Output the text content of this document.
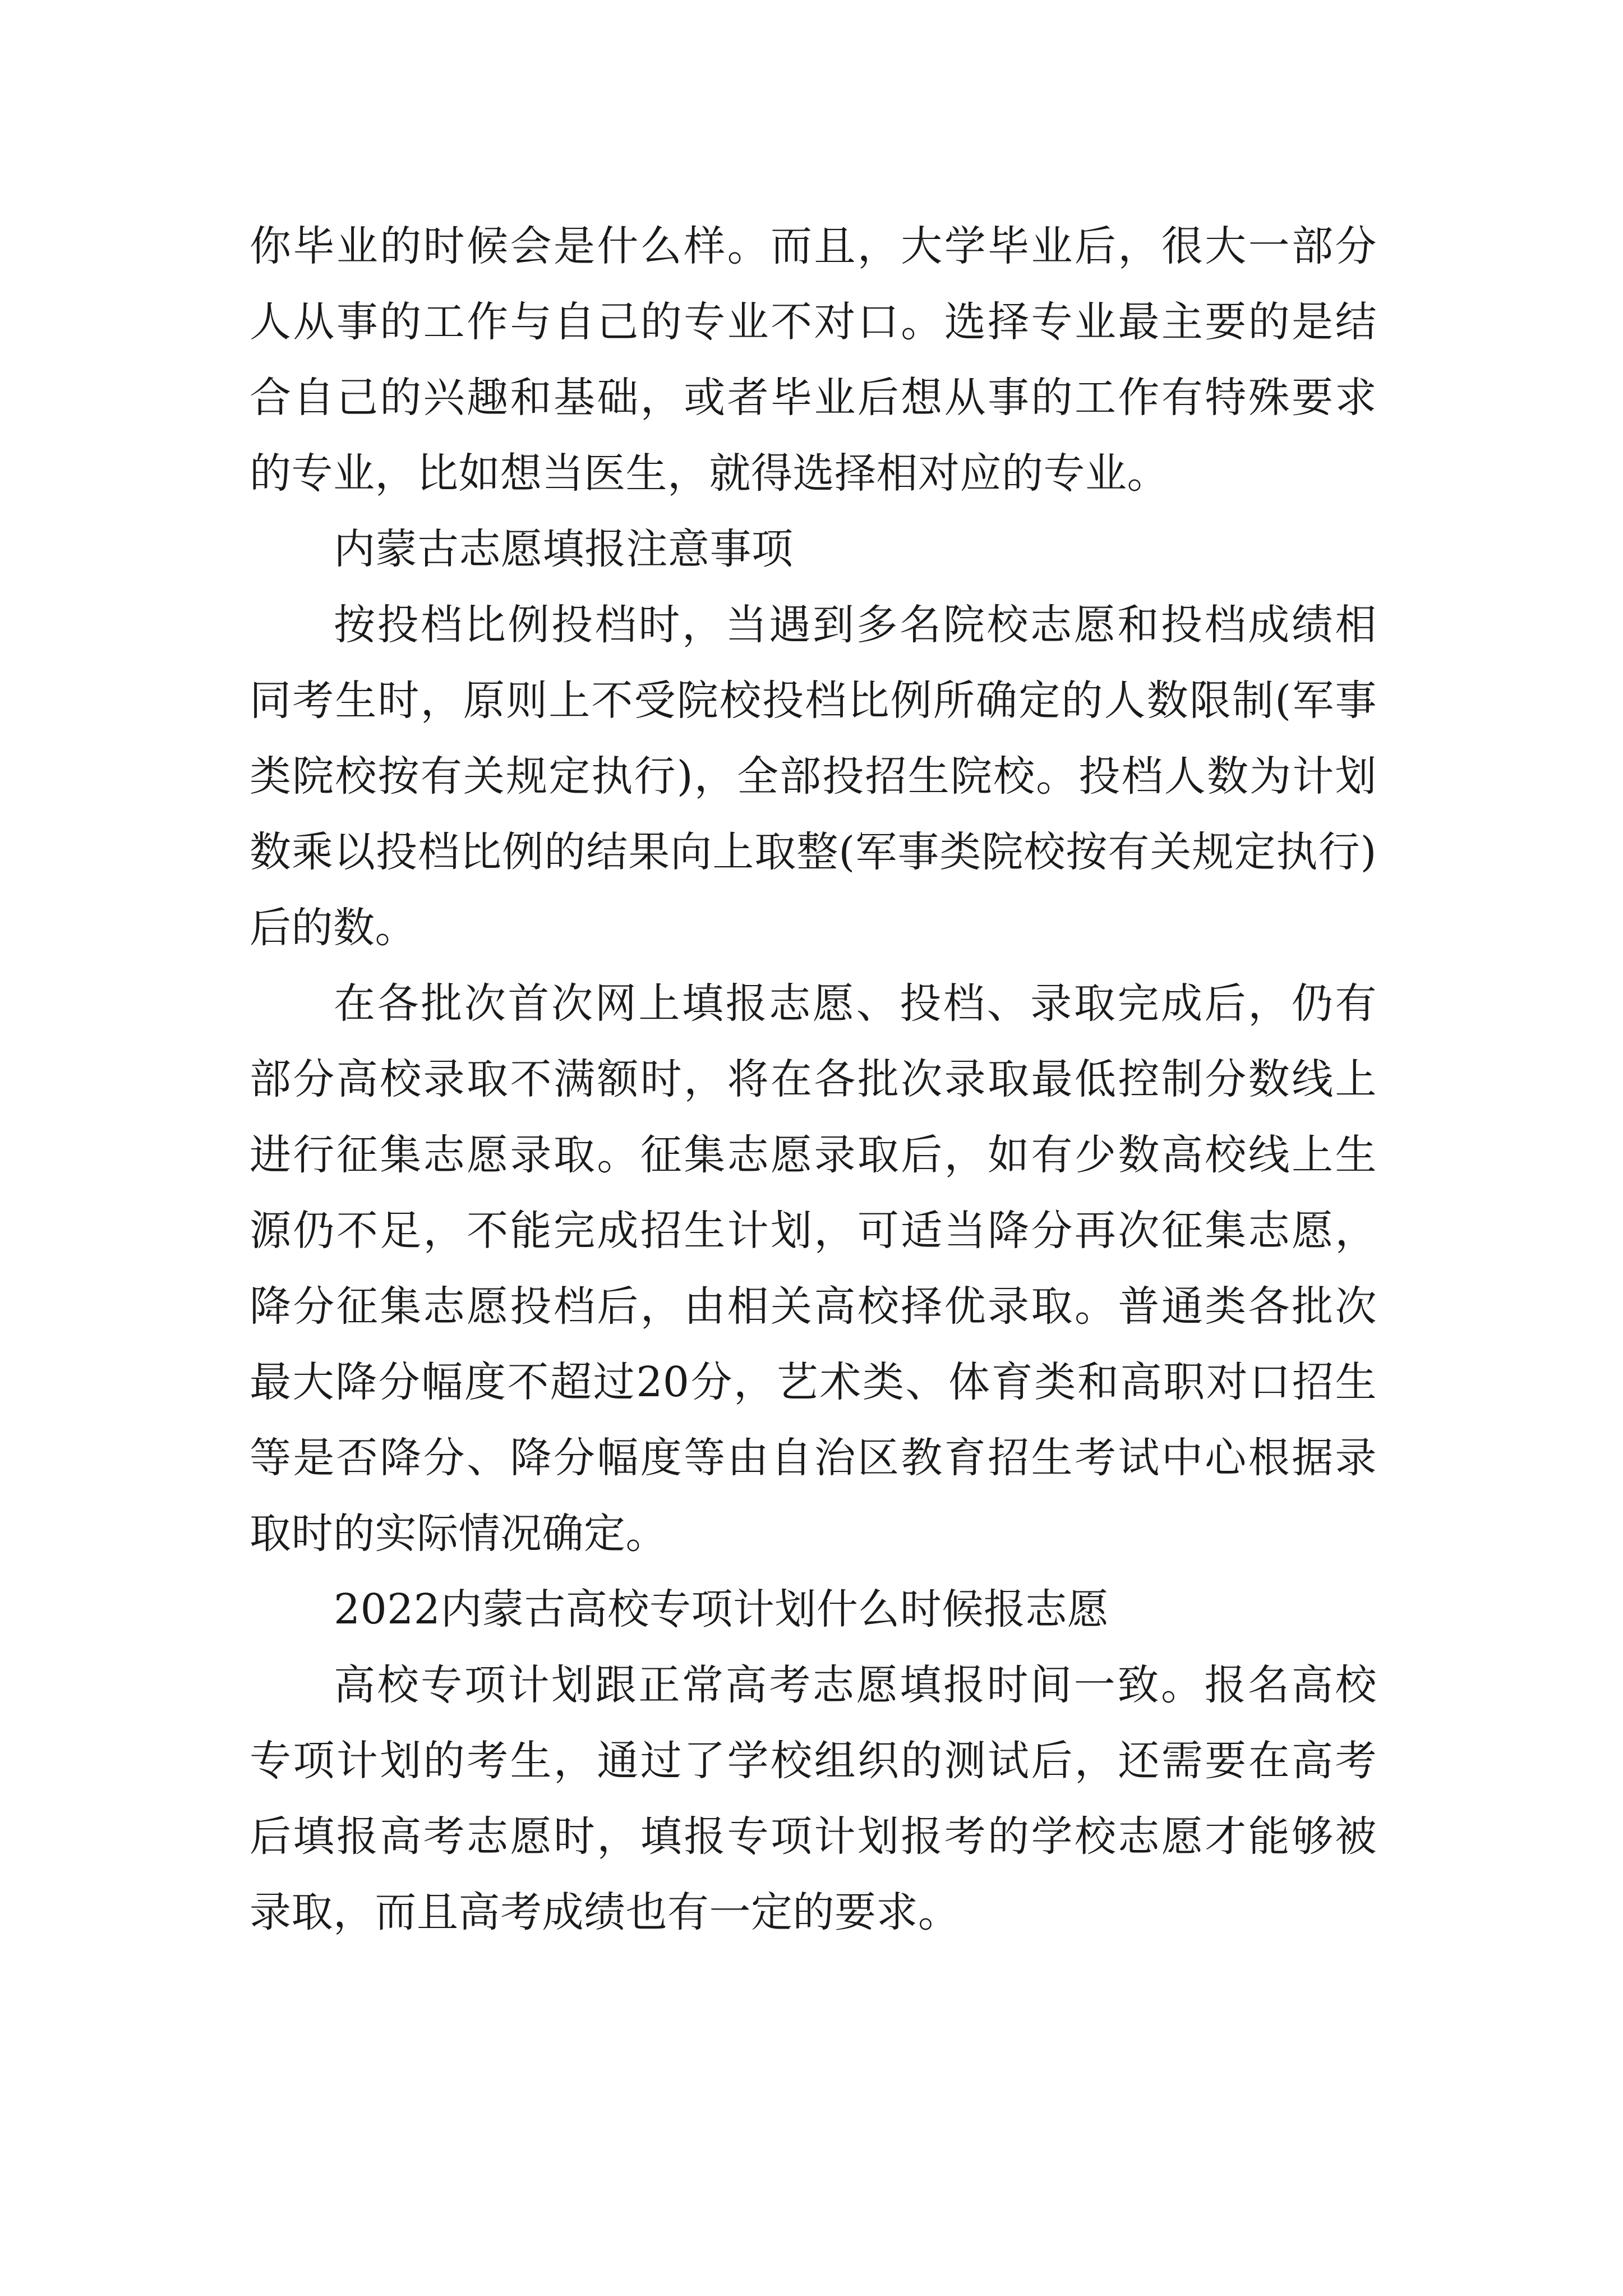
你毕业的时候会是什么样。而且，大学毕业后，很大一部分人从事的工作与自己的专业不对口。选择专业最主要的是结合自己的兴趣和基础，或者毕业后想从事的工作有特殊要求的专业，比如想当医生，就得选择相对应的专业。

内蒙古志愿填报注意事项

按投档比例投档时，当遇到多名院校志愿和投档成绩相同考生时，原则上不受院校投档比例所确定的人数限制(军事类院校按有关规定执行)，全部投招生院校。投档人数为计划数乘以投档比例的结果向上取整(军事类院校按有关规定执行)后的数。

在各批次首次网上填报志愿、投档、录取完成后，仍有部分高校录取不满额时，将在各批次录取最低控制分数线上进行征集志愿录取。征集志愿录取后，如有少数高校线上生源仍不足，不能完成招生计划，可适当降分再次征集志愿，降分征集志愿投档后，由相关高校择优录取。普通类各批次最大降分幅度不超过20分，艺术类、体育类和高职对口招生等是否降分、降分幅度等由自治区教育招生考试中心根据录取时的实际情况确定。

2022内蒙古高校专项计划什么时候报志愿

高校专项计划跟正常高考志愿填报时间一致。报名高校专项计划的考生，通过了学校组织的测试后，还需要在高考后填报高考志愿时，填报专项计划报考的学校志愿才能够被录取，而且高考成绩也有一定的要求。
